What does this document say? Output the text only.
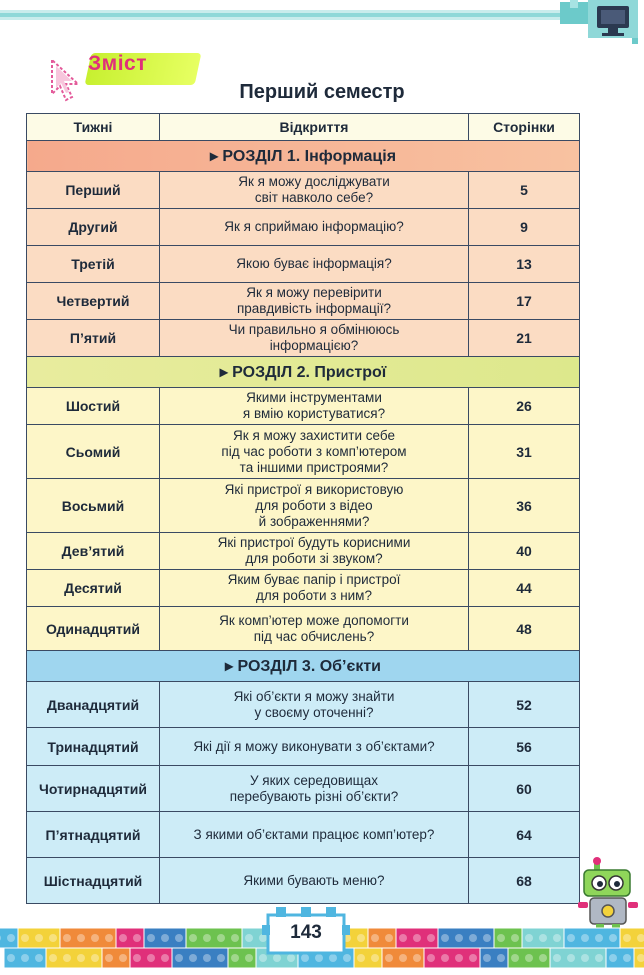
Зміст
Перший семестр
Тижні	Відкриття	Сторінки
▸ РОЗДІЛ 1. Інформація		
Перший	Як я можу досліджувати
світ навколо себе?	5
Другий	Як я сприймаю інформацію?	9
Третій	Якою буває інформація?	13
Четвертий	Як я можу перевірити
правдивість інформації?	17
П’ятий	Чи правильно я обмінююсь
інформацією?	21
▸ РОЗДІЛ 2. Пристрої		
Шостий	Якими інструментами
я вмію користуватися?	26
Сьомий	Як я можу захистити себе
під час роботи з комп’ютером
та іншими пристроями?	31
Восьмий	Які пристрої я використовую
для роботи з відео
й зображеннями?	36
Дев’ятий	Які пристрої будуть корисними
для роботи зі звуком?	40
Десятий	Яким буває папір і пристрої
для роботи з ним?	44
Одинадцятий	Як комп’ютер може допомогти
під час обчислень?	48
▸ РОЗДІЛ 3. Об’єкти		
Дванадцятий	Які об’єкти я можу знайти
у своєму оточенні?	52
Тринадцятий	Які дії я можу виконувати з об’єктами?	56
Чотирнадцятий	У яких середовищах
перебувають різні об’єкти?	60
П’ятнадцятий	З якими об’єктами працює комп’ютер?	64
Шістнадцятий	Якими бувають меню?	68
143
